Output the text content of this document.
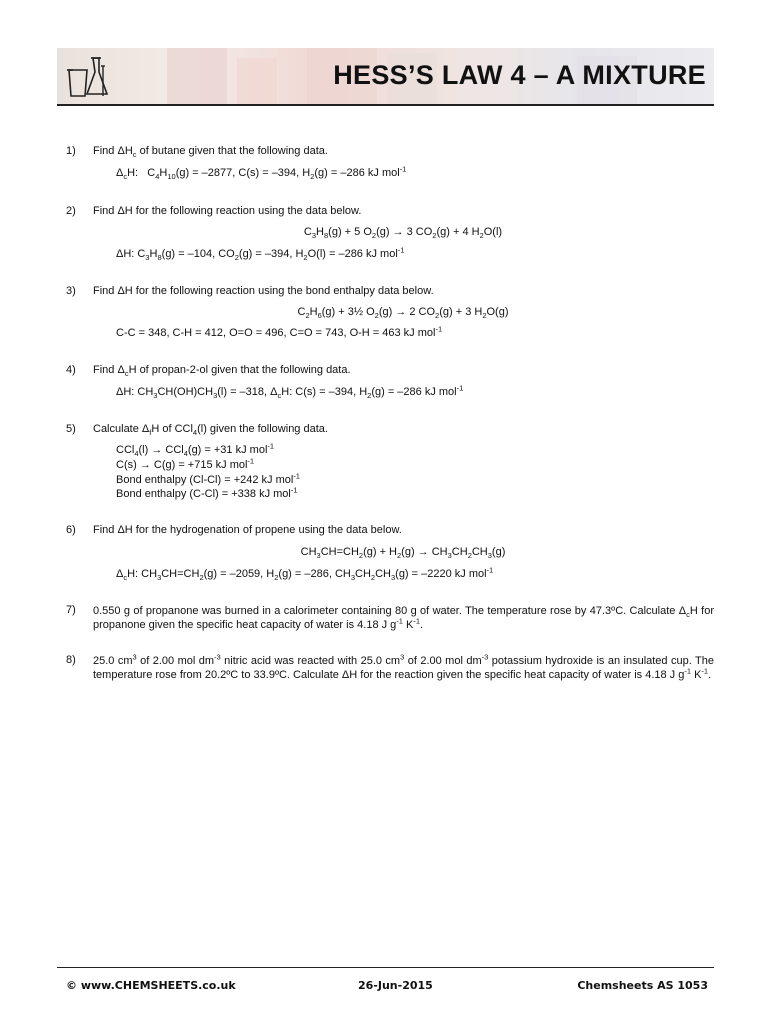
HESS’S LAW 4 – A MIXTURE
1) Find $\Delta H_c$ of butane given that the following data.
$\Delta_cH$: $C_4H_{10}(g) = -2877$, C(s) = –394, $H_2(g) = -286$ kJ mol$^{-1}$
2) Find ΔH for the following reaction using the data below.
$C_3H_8(g) + 5$ $O_2(g) \to 3$ $CO_2(g) + 4$ $H_2O(l)$
ΔH: $C_3H_8(g) = -104$, $CO_2(g) = -394$, $H_2O(l) = -286$ kJ mol$^{-1}$
3) Find ΔH for the following reaction using the bond enthalpy data below.
$C_2H_6(g)$ + 3½ $O_2(g) \to 2$ $CO_2(g) + 3$ $H_2O(g)$
C-C = 348, C-H = 412, O=O = 496, C=O = 743, O-H = 463 kJ mol$^{-1}$
4) Find $\Delta_cH$ of propan-2-ol given that the following data.
ΔH: $CH_3CH(OH)CH_3(l) = -318$, $\Delta_cH$: C(s) = –394, $H_2(g) = -286$ kJ mol$^{-1}$
5) Calculate $\Delta_fH$ of CCl$_4$(l) given the following data.
CCl$_4$(l) → CCl$_4$(g) = +31 kJ mol$^{-1}$
C(s) → C(g) = +715 kJ mol$^{-1}$
Bond enthalpy (Cl-Cl) = +242 kJ mol$^{-1}$
Bond enthalpy (C-Cl) = +338 kJ mol$^{-1}$
6) Find ΔH for the hydrogenation of propene using the data below.
$CH_3CH=CH_2(g) + H_2(g) \to CH_3CH_2CH_3(g)$
$\Delta_cH$: $CH_3CH=CH_2(g) = -2059$, $H_2(g) = -286$, $CH_3CH_2CH_3(g) = -2220$ kJ mol$^{-1}$
7) 0.550 g of propanone was burned in a calorimeter containing 80 g of water. The temperature rose by 47.3ºC. Calculate $\Delta_cH$ for propanone given the specific heat capacity of water is 4.18 J $g^{-1}$ $K^{-1}$.
8) 25.0 $cm^3$ of 2.00 mol $dm^{-3}$ nitric acid was reacted with 25.0 $cm^3$ of 2.00 mol $dm^{-3}$ potassium hydroxide is an insulated cup. The temperature rose from 20.2ºC to 33.9ºC. Calculate ΔH for the reaction given the specific heat capacity of water is 4.18 J $g^{-1}$ $K^{-1}$.
© www.CHEMSHEETS.co.uk	26-Jun-2015	Chemsheets AS 1053
